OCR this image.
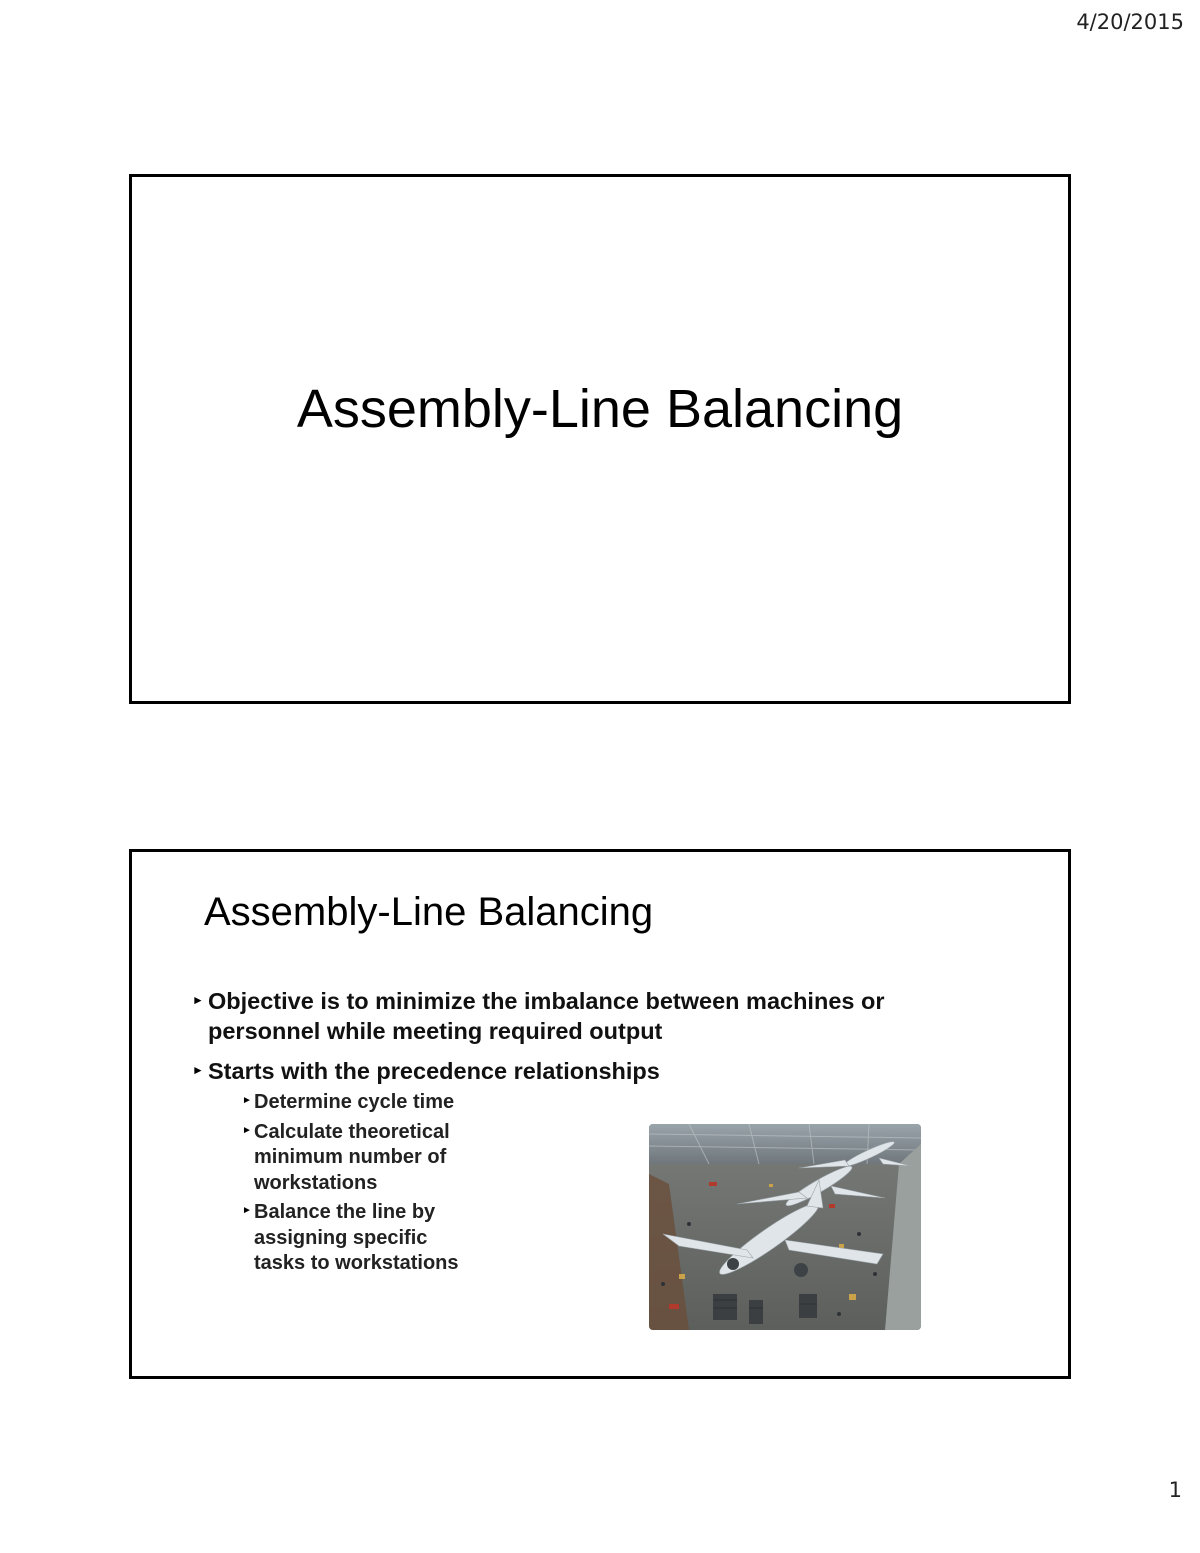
4/20/2015
Assembly-Line Balancing
Assembly-Line Balancing
► Objective is to minimize the imbalance between machines or personnel while meeting required output
► Starts with the precedence relationships
► Determine cycle time
► Calculate theoretical minimum number of workstations
► Balance the line by assigning specific tasks to workstations
1
